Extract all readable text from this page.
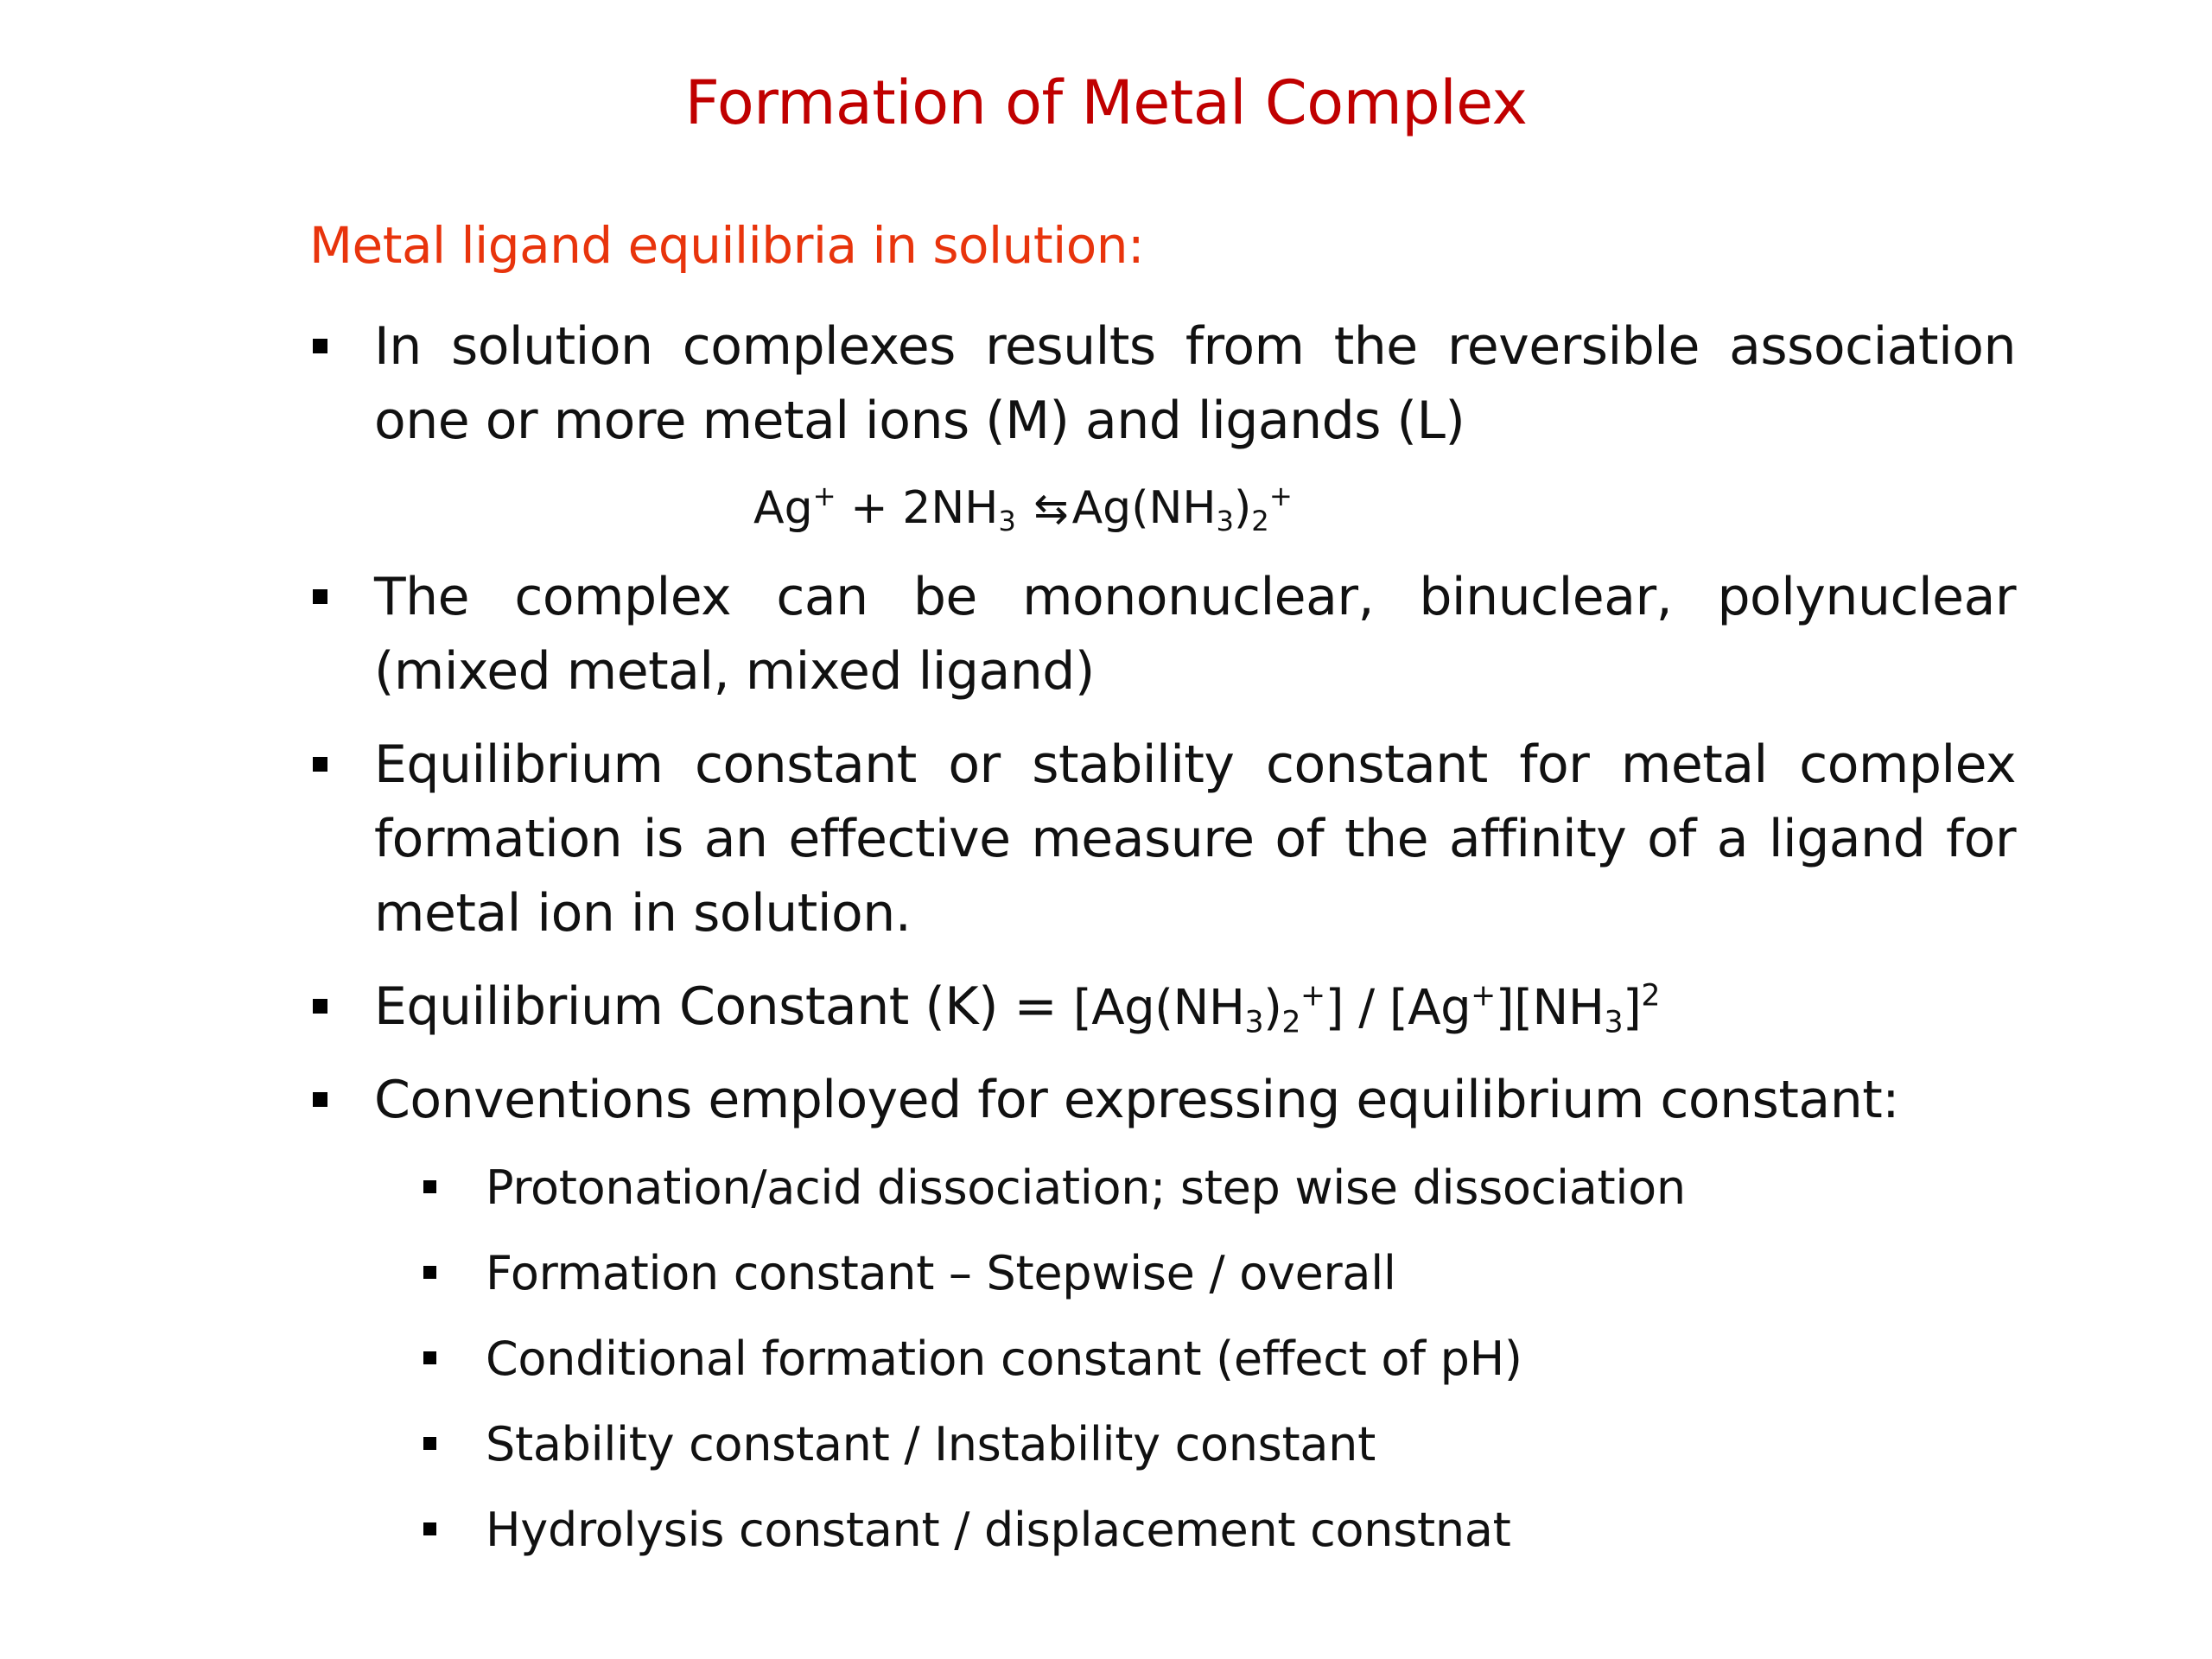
Formation of Metal Complex
Metal ligand equilibria in solution:
In solution complexes results from the reversible association one or more metal ions (M) and ligands (L)
$Ag^+ + 2NH_3$ $⇆Ag(NH_3)_2^+$
The complex can be mononuclear, binuclear, polynuclear (mixed metal, mixed ligand)
Equilibrium constant or stability constant for metal complex formation is an effective measure of the affinity of a ligand for metal ion in solution.
Equilibrium Constant $(K) = [Ag(NH_3)_2^+] / [Ag^+][NH_3]^2$
Conventions employed for expressing equilibrium constant:
Protonation/acid dissociation; step wise dissociation
Formation constant – Stepwise / overall
Conditional formation constant (effect of pH)
Stability constant / Instability constant
Hydrolysis constant / displacement constnat
